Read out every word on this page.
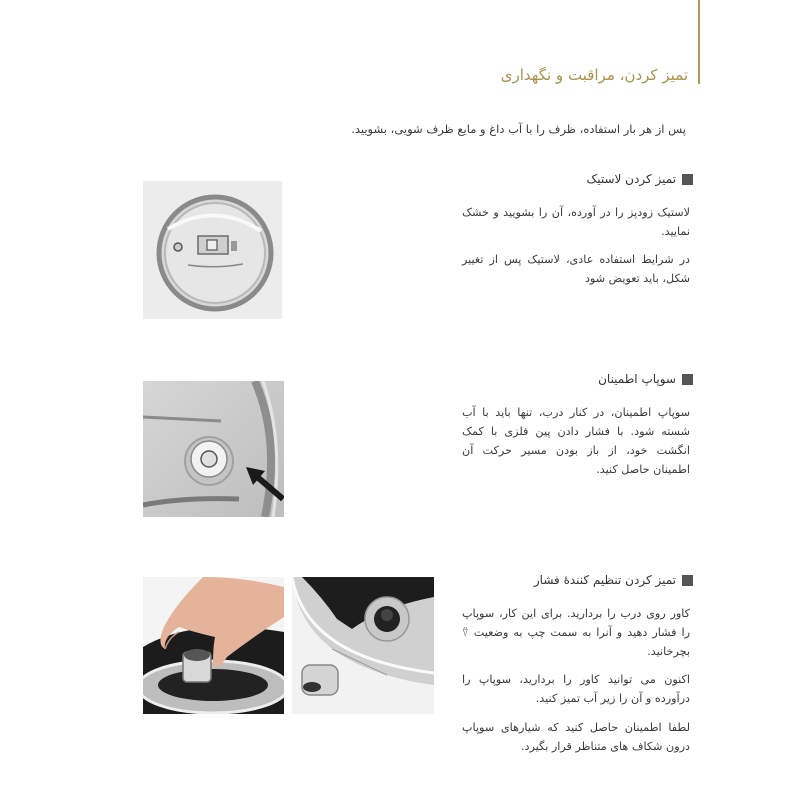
تمیز کردن، مراقبت و نگهداری
پس از هر بار استفاده، ظرف را با آب داغ و مایع ظرف شویی، بشویید.
تمیز کردن لاستیک
لاستیک زودپز را در آورده، آن را بشویید و خشک نمایید.
در شرایط استفاده عادی، لاستیک پس از تغییر شکل، باید تعویض شود
سوپاپ اطمینان
سوپاپ اطمینان، در کنار درب، تنها باید با آب شسته شود. با فشار دادن پین فلزی با کمک انگشت خود، از باز بودن مسیر حرکت آن اطمینان حاصل کنید.
تمیز کردن تنظیم کنندهٔ فشار
کاور روی درب را بردارید. برای این کار، سوپاپ را فشار دهید و آنرا به سمت چپ به وضعیت ⍢ بچرخانید.
اکنون می توانید کاور را بردارید، سوپاپ را درآورده و آن را زیر آب تمیز کنید.
لطفا اطمینان حاصل کنید که شیارهای سوپاپ درون شکاف های متناظر قرار بگیرد.
